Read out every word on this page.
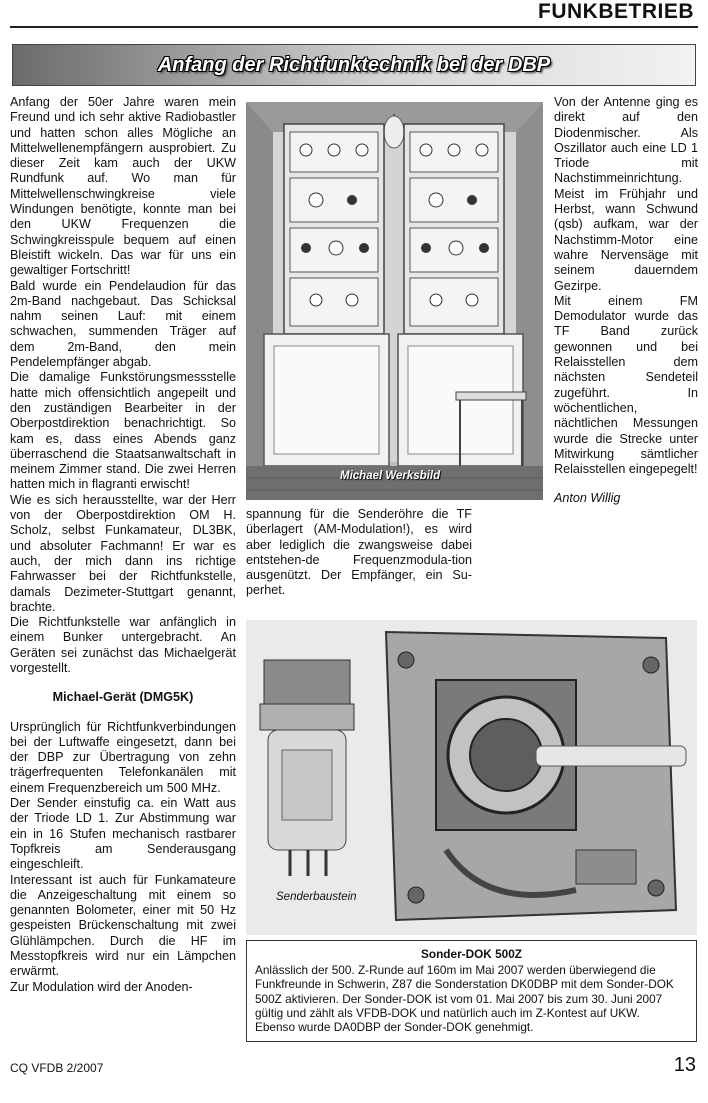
FUNKBETRIEB
Anfang der Richtfunktechnik bei der DBP

Anfang der 50er Jahre waren mein Freund und ich sehr aktive Radiobastler und hatten schon alles Mögliche an Mittelwellenempfängern ausprobiert. Zu dieser Zeit kam auch der UKW Rundfunk auf. Wo man für Mittelwellenschwingkreise viele Windungen benötigte, konnte man bei den UKW Frequenzen die Schwingkreisspule bequem auf einen Bleistift wickeln. Das war für uns ein gewaltiger Fortschritt!

Bald wurde ein Pendelaudion für das 2m-Band nachgebaut. Das Schicksal nahm seinen Lauf: mit einem schwachen, summenden Träger auf dem 2m-Band, den mein Pendelempfänger abgab.

Die damalige Funkstörungsmessstelle hatte mich offensichtlich angepeilt und den zuständigen Bearbeiter in der Oberpostdirektion benachrichtigt. So kam es, dass eines Abends ganz überraschend die Staatsanwaltschaft in meinem Zimmer stand. Die zwei Herren hatten mich in flagranti erwischt!

Wie es sich herausstellte, war der Herr von der Oberpostdirektion OM H. Scholz, selbst Funkamateur, DL3BK, und absoluter Fachmann! Er war es auch, der mich dann ins richtige Fahrwasser bei der Richtfunkstelle, damals Dezimeter-Stuttgart genannt, brachte.

Die Richtfunkstelle war anfänglich in einem Bunker untergebracht. An Geräten sei zunächst das Michaelgerät vorgestellt.

Michael-Gerät (DMG5K)

Ursprünglich für Richtfunkverbindungen bei der Luftwaffe eingesetzt, dann bei der DBP zur Übertragung von zehn trägerfrequenten Telefonkanälen mit einem Frequenzbereich um 500 MHz.

Der Sender einstufig ca. ein Watt aus der Triode LD 1. Zur Abstimmung war ein in 16 Stufen mechanisch rastbarer Topfkreis am Senderausgang eingeschleift.

Interessant ist auch für Funkamateure die Anzeigeschaltung mit einem so genannten Bolometer, einer mit 50 Hz gespeisten Brückenschaltung mit zwei Glühlämpchen. Durch die HF im Messtopfkreis wird nur ein Lämpchen erwärmt.

Zur Modulation wird der Anoden-

Michael Werksbild

spannung für die Senderöhre die TF überlagert (AM-Modulation!), es wird aber lediglich die zwangsweise dabei entstehen-de Frequenzmodula-tion ausgenützt. Der Empfänger, ein Su-perhet.

Von der Antenne ging es direkt auf den Diodenmischer. Als Oszillator auch eine LD 1 Triode mit Nachstimmeinrichtung. Meist im Frühjahr und Herbst, wann Schwund (qsb) aufkam, war der Nachstimm-Motor eine wahre Nervensäge mit seinem dauerndem Gezirpe.

Mit einem FM Demodulator wurde das TF Band zurück gewonnen und bei Relaisstellen dem nächsten Sendeteil zugeführt. In wöchentlichen, nächtlichen Messungen wurde die Strecke unter Mitwirkung sämtlicher Relaisstellen eingepegelt!

Anton Willig

Senderbaustein
Sonder-DOK 500Z

Anlässlich der 500. Z-Runde auf 160m im Mai 2007 werden überwiegend die Funkfreunde in Schwerin, Z87 die Sonderstation DK0DBP mit dem Sonder-DOK 500Z aktivieren. Der Sonder-DOK ist vom 01. Mai 2007 bis zum 30. Juni 2007 gültig und zählt als VFDB-DOK und natürlich auch im Z-Kontest auf UKW.

Ebenso wurde DA0DBP der Sonder-DOK genehmigt.

CQ VFDB 2/2007	13
